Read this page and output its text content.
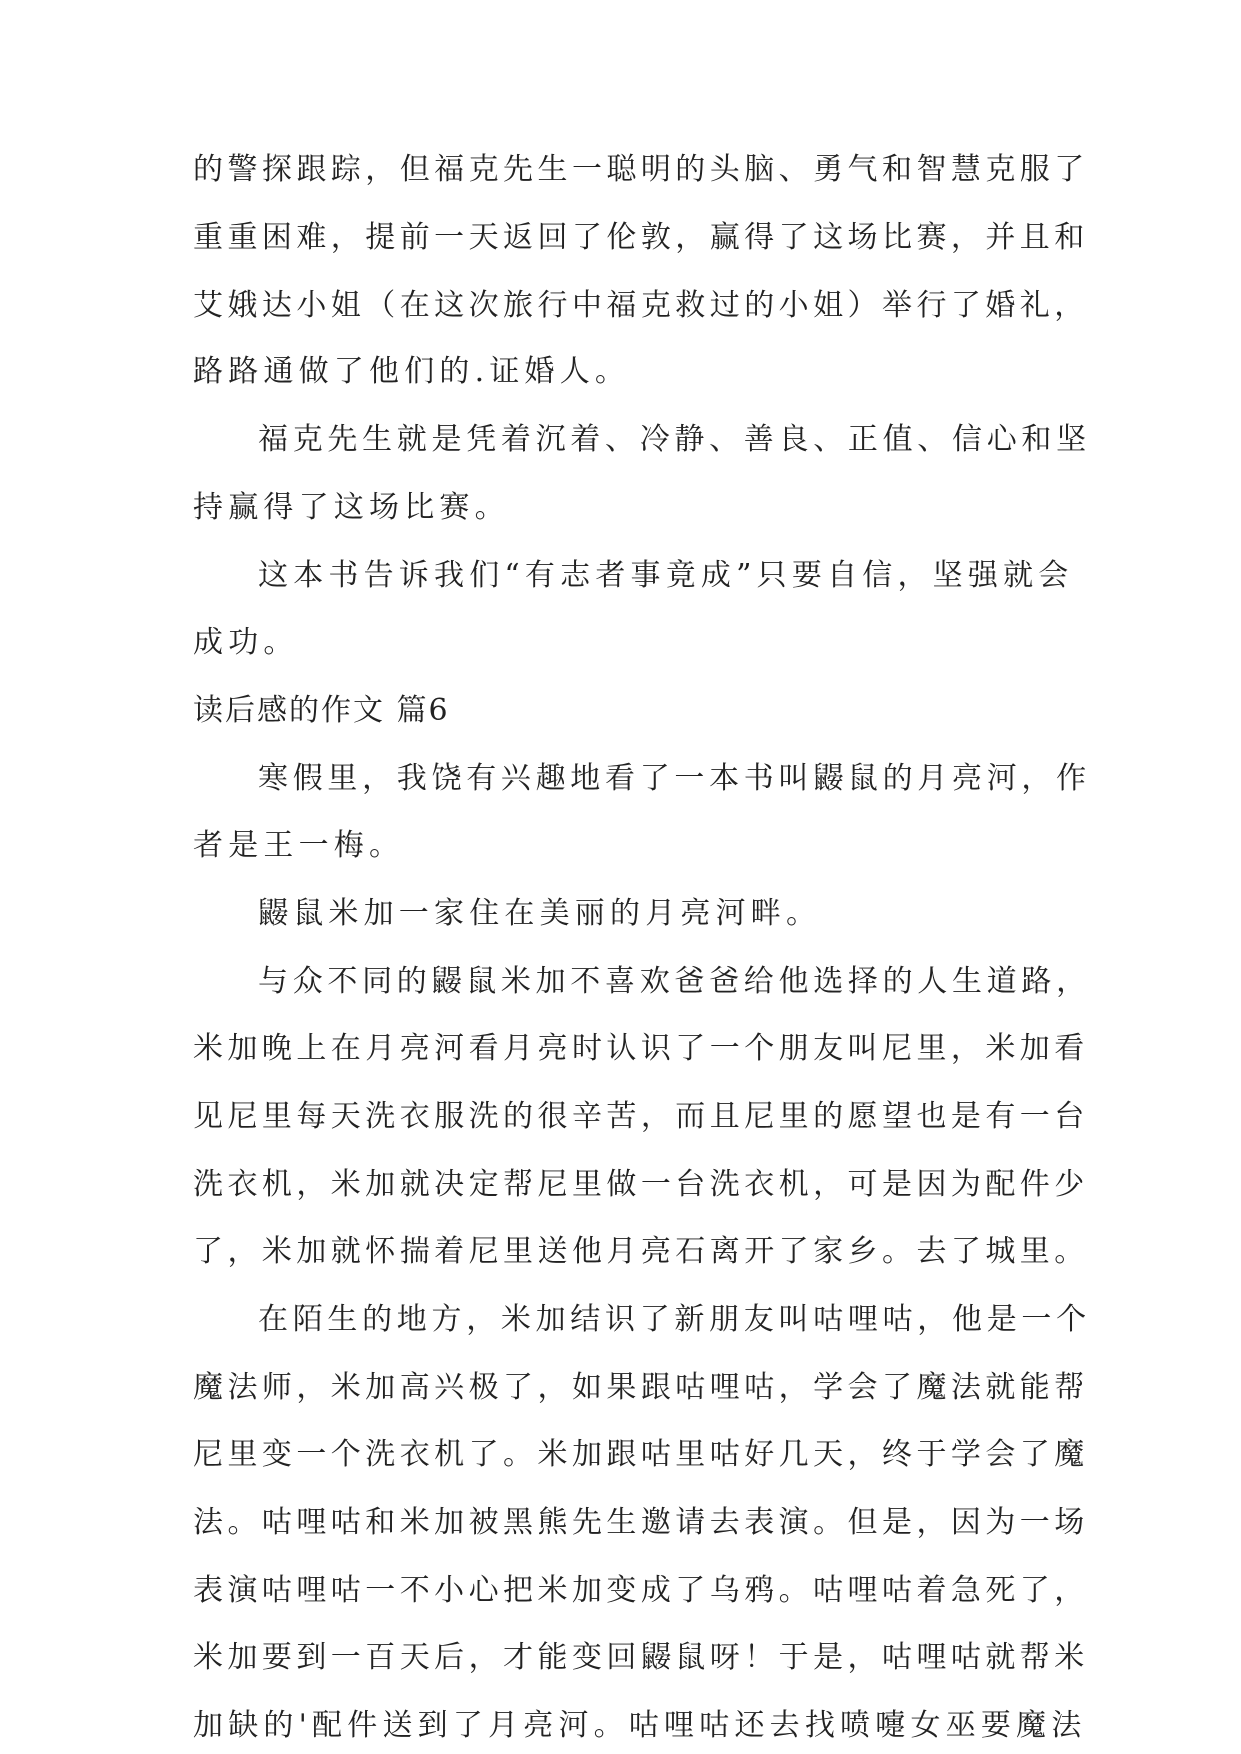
的警探跟踪，但福克先生一聪明的头脑、勇气和智慧克服了
重重困难，提前一天返回了伦敦，赢得了这场比赛，并且和
艾娥达小姐（在这次旅行中福克救过的小姐）举行了婚礼，
路路通做了他们的.证婚人。
福克先生就是凭着沉着、冷静、善良、正值、信心和坚
持赢得了这场比赛。
这本书告诉我们“有志者事竟成”只要自信，坚强就会
成功。
读后感的作文 篇6
寒假里，我饶有兴趣地看了一本书叫鼹鼠的月亮河，作
者是王一梅。
鼹鼠米加一家住在美丽的月亮河畔。
与众不同的鼹鼠米加不喜欢爸爸给他选择的人生道路，
米加晚上在月亮河看月亮时认识了一个朋友叫尼里，米加看
见尼里每天洗衣服洗的很辛苦，而且尼里的愿望也是有一台
洗衣机，米加就决定帮尼里做一台洗衣机，可是因为配件少
了，米加就怀揣着尼里送他月亮石离开了家乡。去了城里。
在陌生的地方，米加结识了新朋友叫咕哩咕，他是一个
魔法师，米加高兴极了，如果跟咕哩咕，学会了魔法就能帮
尼里变一个洗衣机了。米加跟咕里咕好几天，终于学会了魔
法。咕哩咕和米加被黑熊先生邀请去表演。但是，因为一场
表演咕哩咕一不小心把米加变成了乌鸦。咕哩咕着急死了，
米加要到一百天后，才能变回鼹鼠呀！于是，咕哩咕就帮米
加缺的'配件送到了月亮河。咕哩咕还去找喷嚏女巫要魔法
